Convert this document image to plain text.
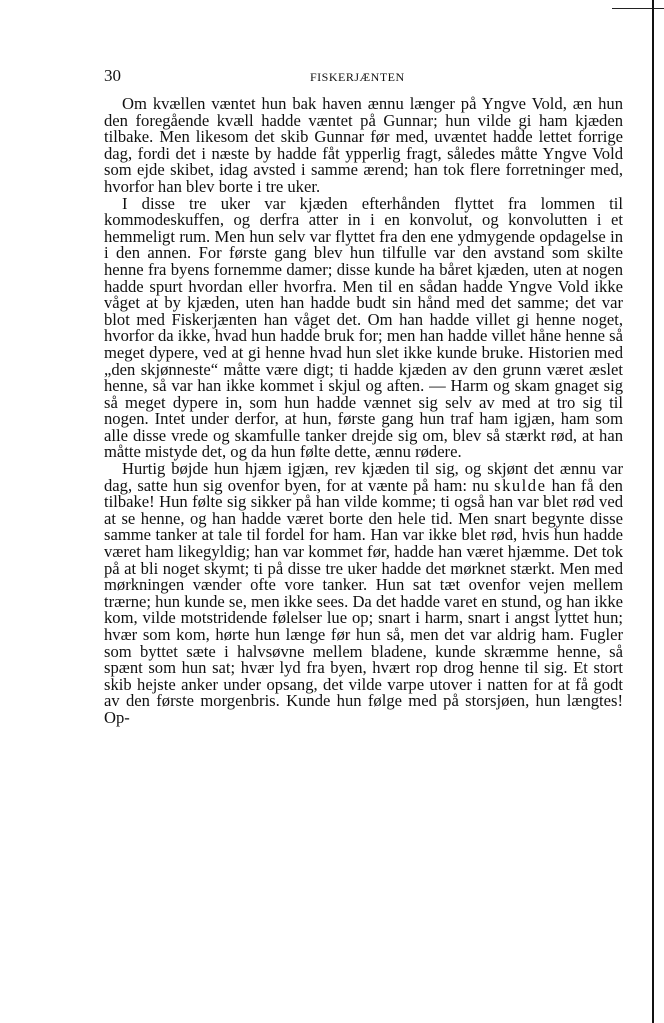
30	FISKERJÆNTEN

Om kvællen væntet hun bak haven ænnu længer på Yngve Vold, æn hun den foregående kvæll hadde væntet på Gunnar; hun vilde gi ham kjæden tilbake. Men likesom det skib Gunnar før med, uvæntet hadde lettet forrige dag, fordi det i næste by hadde fåt ypperlig fragt, således måtte Yngve Vold som ejde skibet, idag avsted i samme ærend; han tok flere forretninger med, hvorfor han blev borte i tre uker.

I disse tre uker var kjæden efterhånden flyttet fra lommen til kommodeskuffen, og derfra atter in i en konvolut, og konvolutten i et hemmeligt rum. Men hun selv var flyttet fra den ene ydmygende opdagelse in i den annen. For første gang blev hun tilfulle var den avstand som skilte henne fra byens fornemme damer; disse kunde ha båret kjæden, uten at nogen hadde spurt hvordan eller hvorfra. Men til en sådan hadde Yngve Vold ikke våget at by kjæden, uten han hadde budt sin hånd med det samme; det var blot med Fiskerjænten han våget det. Om han hadde villet gi henne noget, hvorfor da ikke, hvad hun hadde bruk for; men han hadde villet håne henne så meget dypere, ved at gi henne hvad hun slet ikke kunde bruke. Historien med „den skjønneste“ måtte være digt; ti hadde kjæden av den grunn været æslet henne, så var han ikke kommet i skjul og aften. — Harm og skam gnaget sig så meget dypere in, som hun hadde vænnet sig selv av med at tro sig til nogen. Intet under derfor, at hun, første gang hun traf ham igjæn, ham som alle disse vrede og skamfulle tanker drejde sig om, blev så stærkt rød, at han måtte mistyde det, og da hun følte dette, ænnu rødere.

Hurtig bøjde hun hjæm igjæn, rev kjæden til sig, og skjønt det ænnu var dag, satte hun sig ovenfor byen, for at vænte på ham: nu skulde han få den tilbake! Hun følte sig sikker på han vilde komme; ti også han var blet rød ved at se henne, og han hadde været borte den hele tid. Men snart begynte disse samme tanker at tale til fordel for ham. Han var ikke blet rød, hvis hun hadde været ham likegyldig; han var kommet før, hadde han været hjæmme. Det tok på at bli noget skymt; ti på disse tre uker hadde det mørknet stærkt. Men med mørkningen vænder ofte vore tanker. Hun sat tæt ovenfor vejen mellem trærne; hun kunde se, men ikke sees. Da det hadde varet en stund, og han ikke kom, vilde motstridende følelser lue op; snart i harm, snart i angst lyttet hun; hvær som kom, hørte hun længe før hun så, men det var aldrig ham. Fugler som byttet sæte i halvsøvne mellem bladene, kunde skræmme henne, så spænt som hun sat; hvær lyd fra byen, hvært rop drog henne til sig. Et stort skib hejste anker under opsang, det vilde varpe utover i natten for at få godt av den første morgenbris. Kunde hun følge med på storsjøen, hun længtes! Op-
